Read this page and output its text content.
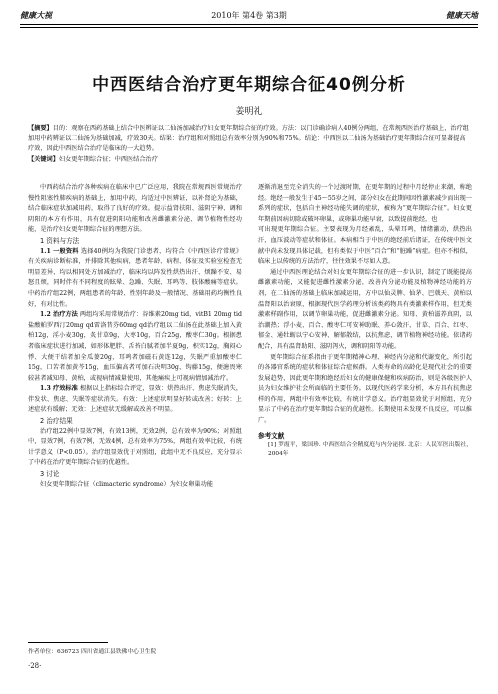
健康大视	2010年 第4卷 第3期	健康天地
中西医结合治疗更年期综合征40例分析
姜明礼
【摘要】目的：观察在西药基础上结合中医辨证以二仙汤加减治疗妇女更年期综合征的疗效。方法：以门诊确诊病人40例分两组，在常规西医治疗基础上，治疗组加用中药辨证以二仙汤为基础加减，疗效30天。结果：治疗组和对照组总有效率分别为90%和75%。结论：中西医以二仙汤为基础治疗更年期综合征可显著提高疗效，因此中西医结合治疗是临床的一大趋势。
【关键词】妇女更年期综合征；中西医结合治疗

中西药结合治疗各种疾病在临床中已广泛应用，我院在常规西医常规治疗慢性阻塞性肺疾病的基础上，加用中药，均适过中医辨证，以补肾论为基础，结合临床症状加减用药，取得了良好的疗效。提示益肾扶阳、滋阴宁神、调和阴阳的本方有作用，具有促进阴阳功能和改善雌激素分泌、调节植物性经功能，是治疗妇女更年期综合征的理想方法。

1 资料与方法

1.1 一般资料 选择40例均为我院门诊患者，均符合《中西医诊疗常规》有关疾病诊断标准，并排除其他疾病，患者年龄、病程、体征及实验室检查无明显差异，均以相同处方加减治疗，临床均以阵发性烘热出汗、烦躁不安、易怒且烦，同时伴有不同程度的眩晕、急躁、失眠、耳鸣等、肢体酸痛等症状。中药治疗组22例，两组患者的年龄、性别年龄及一般情况、基础用药均衡性良好，有对比性。

1.2 治疗方法 两组均采用常规治疗：谷维素20mg tid，vitB1 20mg tid盐酸帕罗西汀20mg qd雷洛昔芬60mg qd治疗组以二仙汤在此基础上加入黄柏12g，淫小麦30g，炙甘草9g，大枣10g，百合25g，酸枣仁30g。根据患者临床症状进行加减，如形体肥胖、舌苔白腻者加半夏9g，枳实12g，胸闷心悸、大便干结者加全瓜蒌20g，耳鸣者加磁石黄连12g，失眠严重加酸枣仁15g，口苦者加黄芩15g，血压偏高者可加石决明30g，钩藤15g，便溏畏寒较甚者减知母、黄柏，或视病情减量使用，其他痛疾上可视病情加减治疗。

1.3 疗效标准 根据以上指标综合评定，显效：烘热出汗、焦虑失眠消失，伴发状、焦虑、失眠等症状消失。有效：上述症状明显好转或改善；好转：上述症状有缓解；无效：上述症状无缓解或改善不明显。

2 治疗结果

治疗组22例中显效7例，有效13例，无效2例，总有效率为90%；对照组中，显效7例，有效7例，无效4例，总有效率为75%，两组有效率比较，有统计学意义（P<0.05）。治疗组显效优于对照组，此组中无不良反应，充分显示了中药在治疗更年期综合征的优越性。

3 讨论

妇女更年期综合征（climacteric syndrome）为妇女卵巢功能

逐渐消退至完全消失的一个过渡时期，在更年期的过程中月经停止来潮，称绝经。绝经一般发生于45～55岁之间，部分妇女在此期间因性激素减少而出现一系列的症状，包括自主神经功能失调的症状，被称为“更年期综合征”。妇女更年期前因病切除或破坏卵巢，或卵巢功能早衰，以致提前绝经，也

可出现更年期综合征。主要表现为月经紊乱，头晕耳鸣，情绪激动，烘热出汗，血压波动等症状和体征。本病相当于中医的绝经前后诸证，在传统中医文献中尚未发现具体记载，但有类似于中医“百合”和“脏躁”病症。但亦不相似，临床上以传统的方法治疗，往往效果不尽如人意。

通过中西医理论结合对妇女更年期综合征的进一步认识，制定了既能提高雌激素功能，又能促进雌性激素分泌，改善内分泌功能及植物神经功能的方剂，在二仙汤的基础上临床加减运用，方中以仙灵脾、仙茅、巴戟天、黄柏以温肾阳以治衰原，根据现代医学药理分析该类药物具有类激素样作用，但无类激素样副作用，以调节卵巢功能，促进雌激素分泌。知母、黄柏滋养真阴，以治潮热；浮小麦、百合、酸枣仁可安神助眠、养心敛汗，甘草、百合、红枣、郁金、通牡蛎以宁心安神、解郁散结，以抗焦虑，调节植物神经功能。依诸药配合，具有温肾助阳、滋阴泻火，调和阴阳等功能。

更年期综合征系指由于更年期精神心理、神经内分泌和代谢变化，所引起的各器官系统的症状和体征综合症候群。人类寿命的高龄化是现代社会的重要发展趋势，因此更年期和绝经后妇女的健康保健和疾病防治，则是各级医护人员为妇女维护社会所面临的主要任务。以现代医药学来分析，本方具有抗焦虑样的作用，两组中有效率比较，有统计学意义。治疗组显效优于对照组，充分显示了中药在治疗更年期综合征的优越性。长期使用未发现不良反应，可以推广。

参考文献

[1] 罗霞平，梁国珍. 中西医结合全精度庭与内分泌探. 北京：人民军医出版社，2004年

作者单位：636723 四川省通江县铁佛中心卫生院
·28·
